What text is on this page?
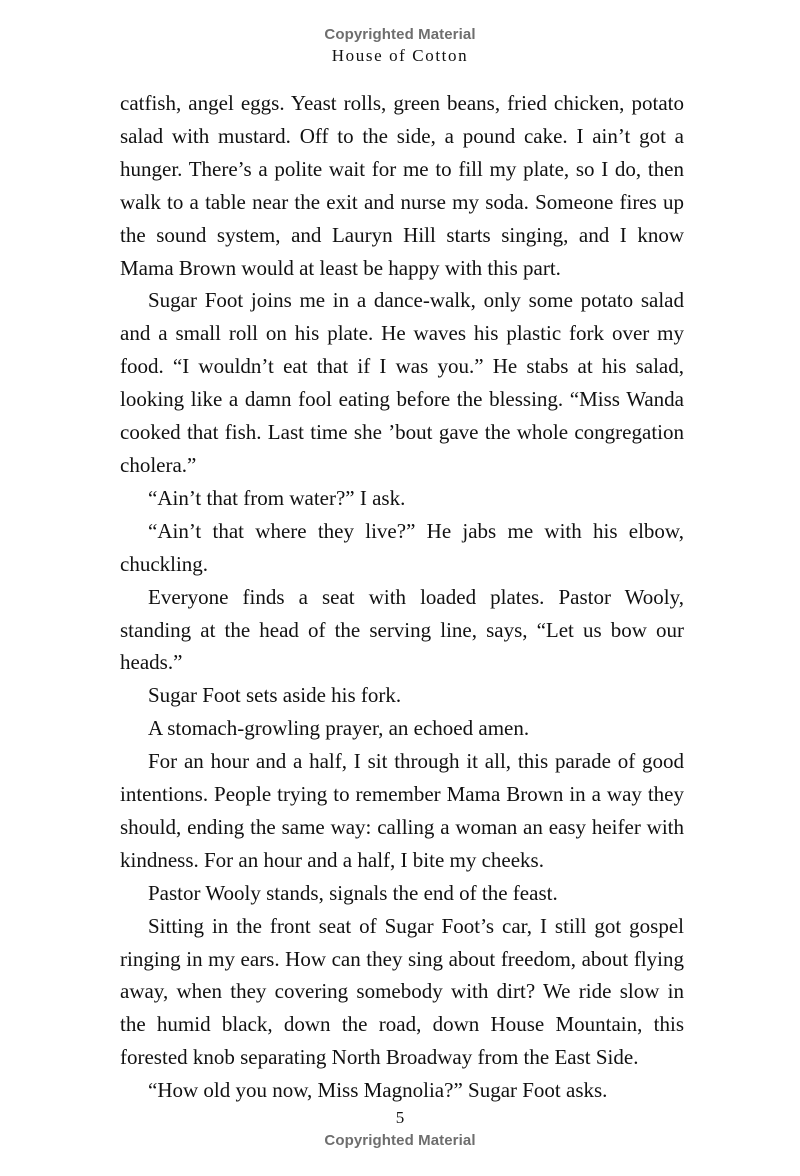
Copyrighted Material
House of Cotton

catfish, angel eggs. Yeast rolls, green beans, fried chicken, potato salad with mustard. Off to the side, a pound cake. I ain’t got a hunger. There’s a polite wait for me to fill my plate, so I do, then walk to a table near the exit and nurse my soda. Someone fires up the sound system, and Lauryn Hill starts singing, and I know Mama Brown would at least be happy with this part.

Sugar Foot joins me in a dance-walk, only some potato salad and a small roll on his plate. He waves his plastic fork over my food. “I wouldn’t eat that if I was you.” He stabs at his salad, looking like a damn fool eating before the blessing. “Miss Wanda cooked that fish. Last time she ’bout gave the whole congregation cholera.”

“Ain’t that from water?” I ask.

“Ain’t that where they live?” He jabs me with his elbow, chuckling.

Everyone finds a seat with loaded plates. Pastor Wooly, standing at the head of the serving line, says, “Let us bow our heads.”

Sugar Foot sets aside his fork.

A stomach-growling prayer, an echoed amen.

For an hour and a half, I sit through it all, this parade of good intentions. People trying to remember Mama Brown in a way they should, ending the same way: calling a woman an easy heifer with kindness. For an hour and a half, I bite my cheeks.

Pastor Wooly stands, signals the end of the feast.

Sitting in the front seat of Sugar Foot’s car, I still got gospel ringing in my ears. How can they sing about freedom, about flying away, when they covering somebody with dirt? We ride slow in the humid black, down the road, down House Mountain, this forested knob separating North Broadway from the East Side.

“How old you now, Miss Magnolia?” Sugar Foot asks.

5
Copyrighted Material
